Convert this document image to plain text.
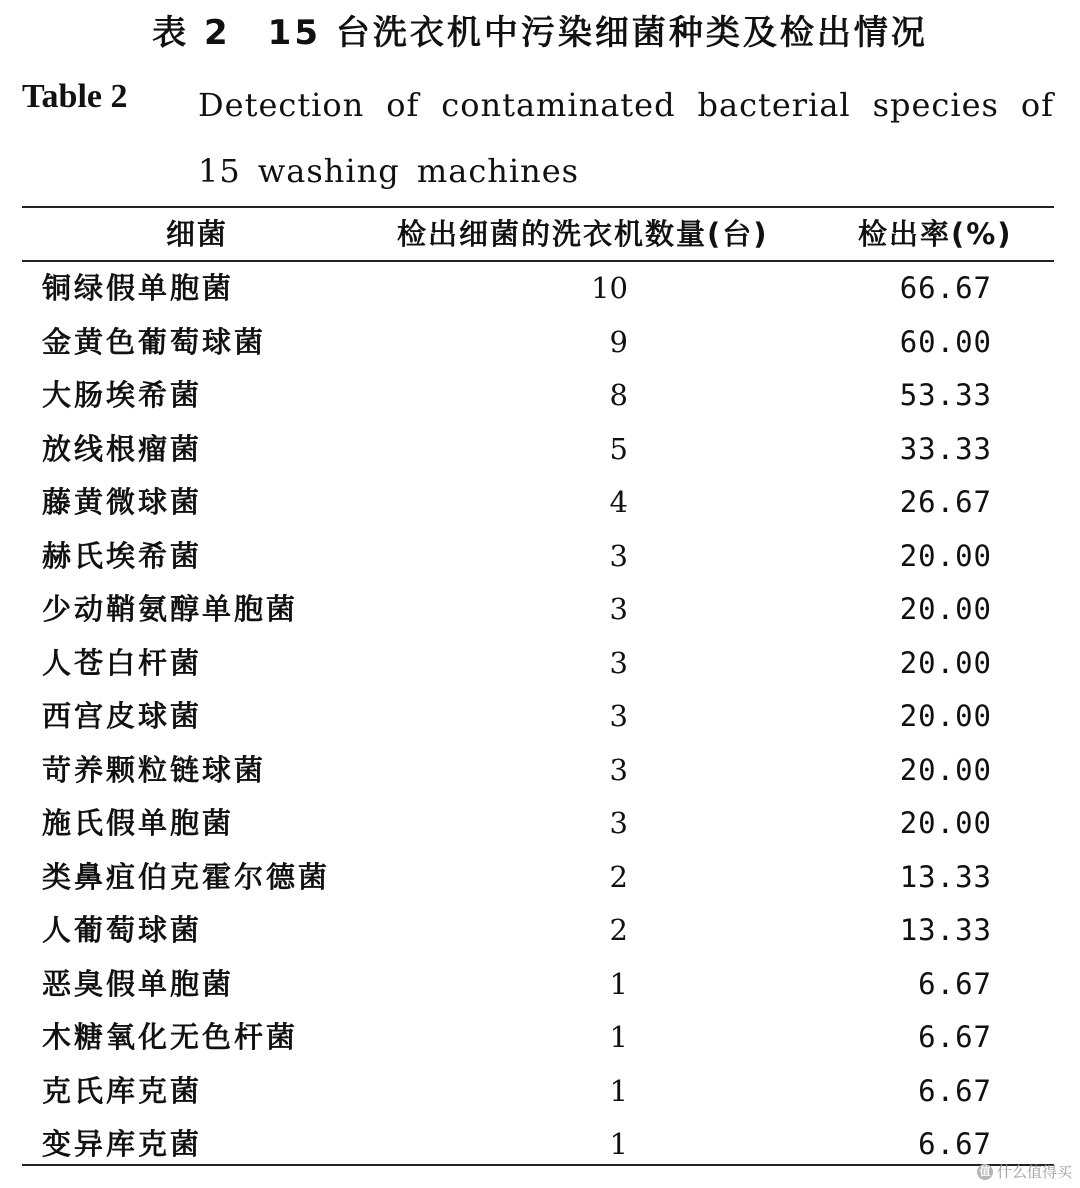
表 2　15 台洗衣机中污染细菌种类及检出情况
Table 2 Detection of contaminated bacterial species of 15 washing machines
细菌	检出细菌的洗衣机数量(台)	检出率(%)
铜绿假单胞菌	10	66.67
金黄色葡萄球菌	9	60.00
大肠埃希菌	8	53.33
放线根瘤菌	5	33.33
藤黄微球菌	4	26.67
赫氏埃希菌	3	20.00
少动鞘氨醇单胞菌	3	20.00
人苍白杆菌	3	20.00
西宫皮球菌	3	20.00
苛养颗粒链球菌	3	20.00
施氏假单胞菌	3	20.00
类鼻疽伯克霍尔德菌	2	13.33
人葡萄球菌	2	13.33
恶臭假单胞菌	1	6.67
木糖氧化无色杆菌	1	6.67
克氏库克菌	1	6.67
变异库克菌	1	6.67
值 什么值得买
